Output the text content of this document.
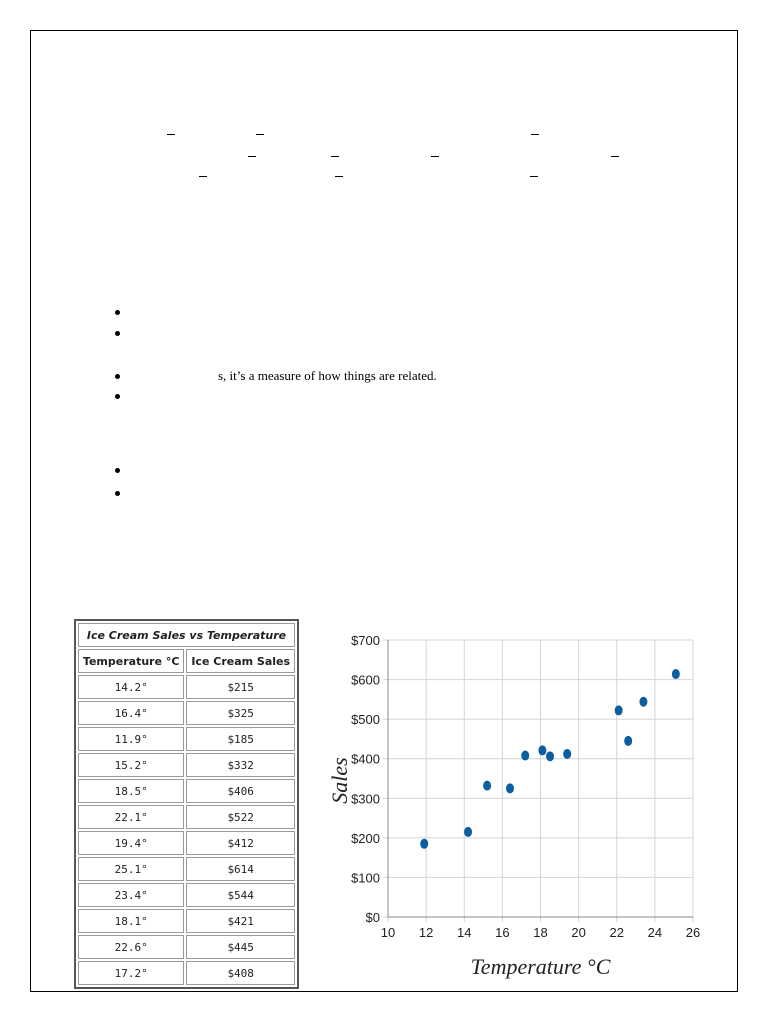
s, it’s a measure of how things are related.
Ice Cream Sales vs Temperature	
Temperature °C	Ice Cream Sales
14.2°	$215
16.4°	$325
11.9°	$185
15.2°	$332
18.5°	$406
22.1°	$522
19.4°	$412
25.1°	$614
23.4°	$544
18.1°	$421
22.6°	$445
17.2°	$408
10 12 14 16 18 20 22 24 26
$0
$100
$200
$300
$400
$500
$600
$700
Temperature °C
Sales
